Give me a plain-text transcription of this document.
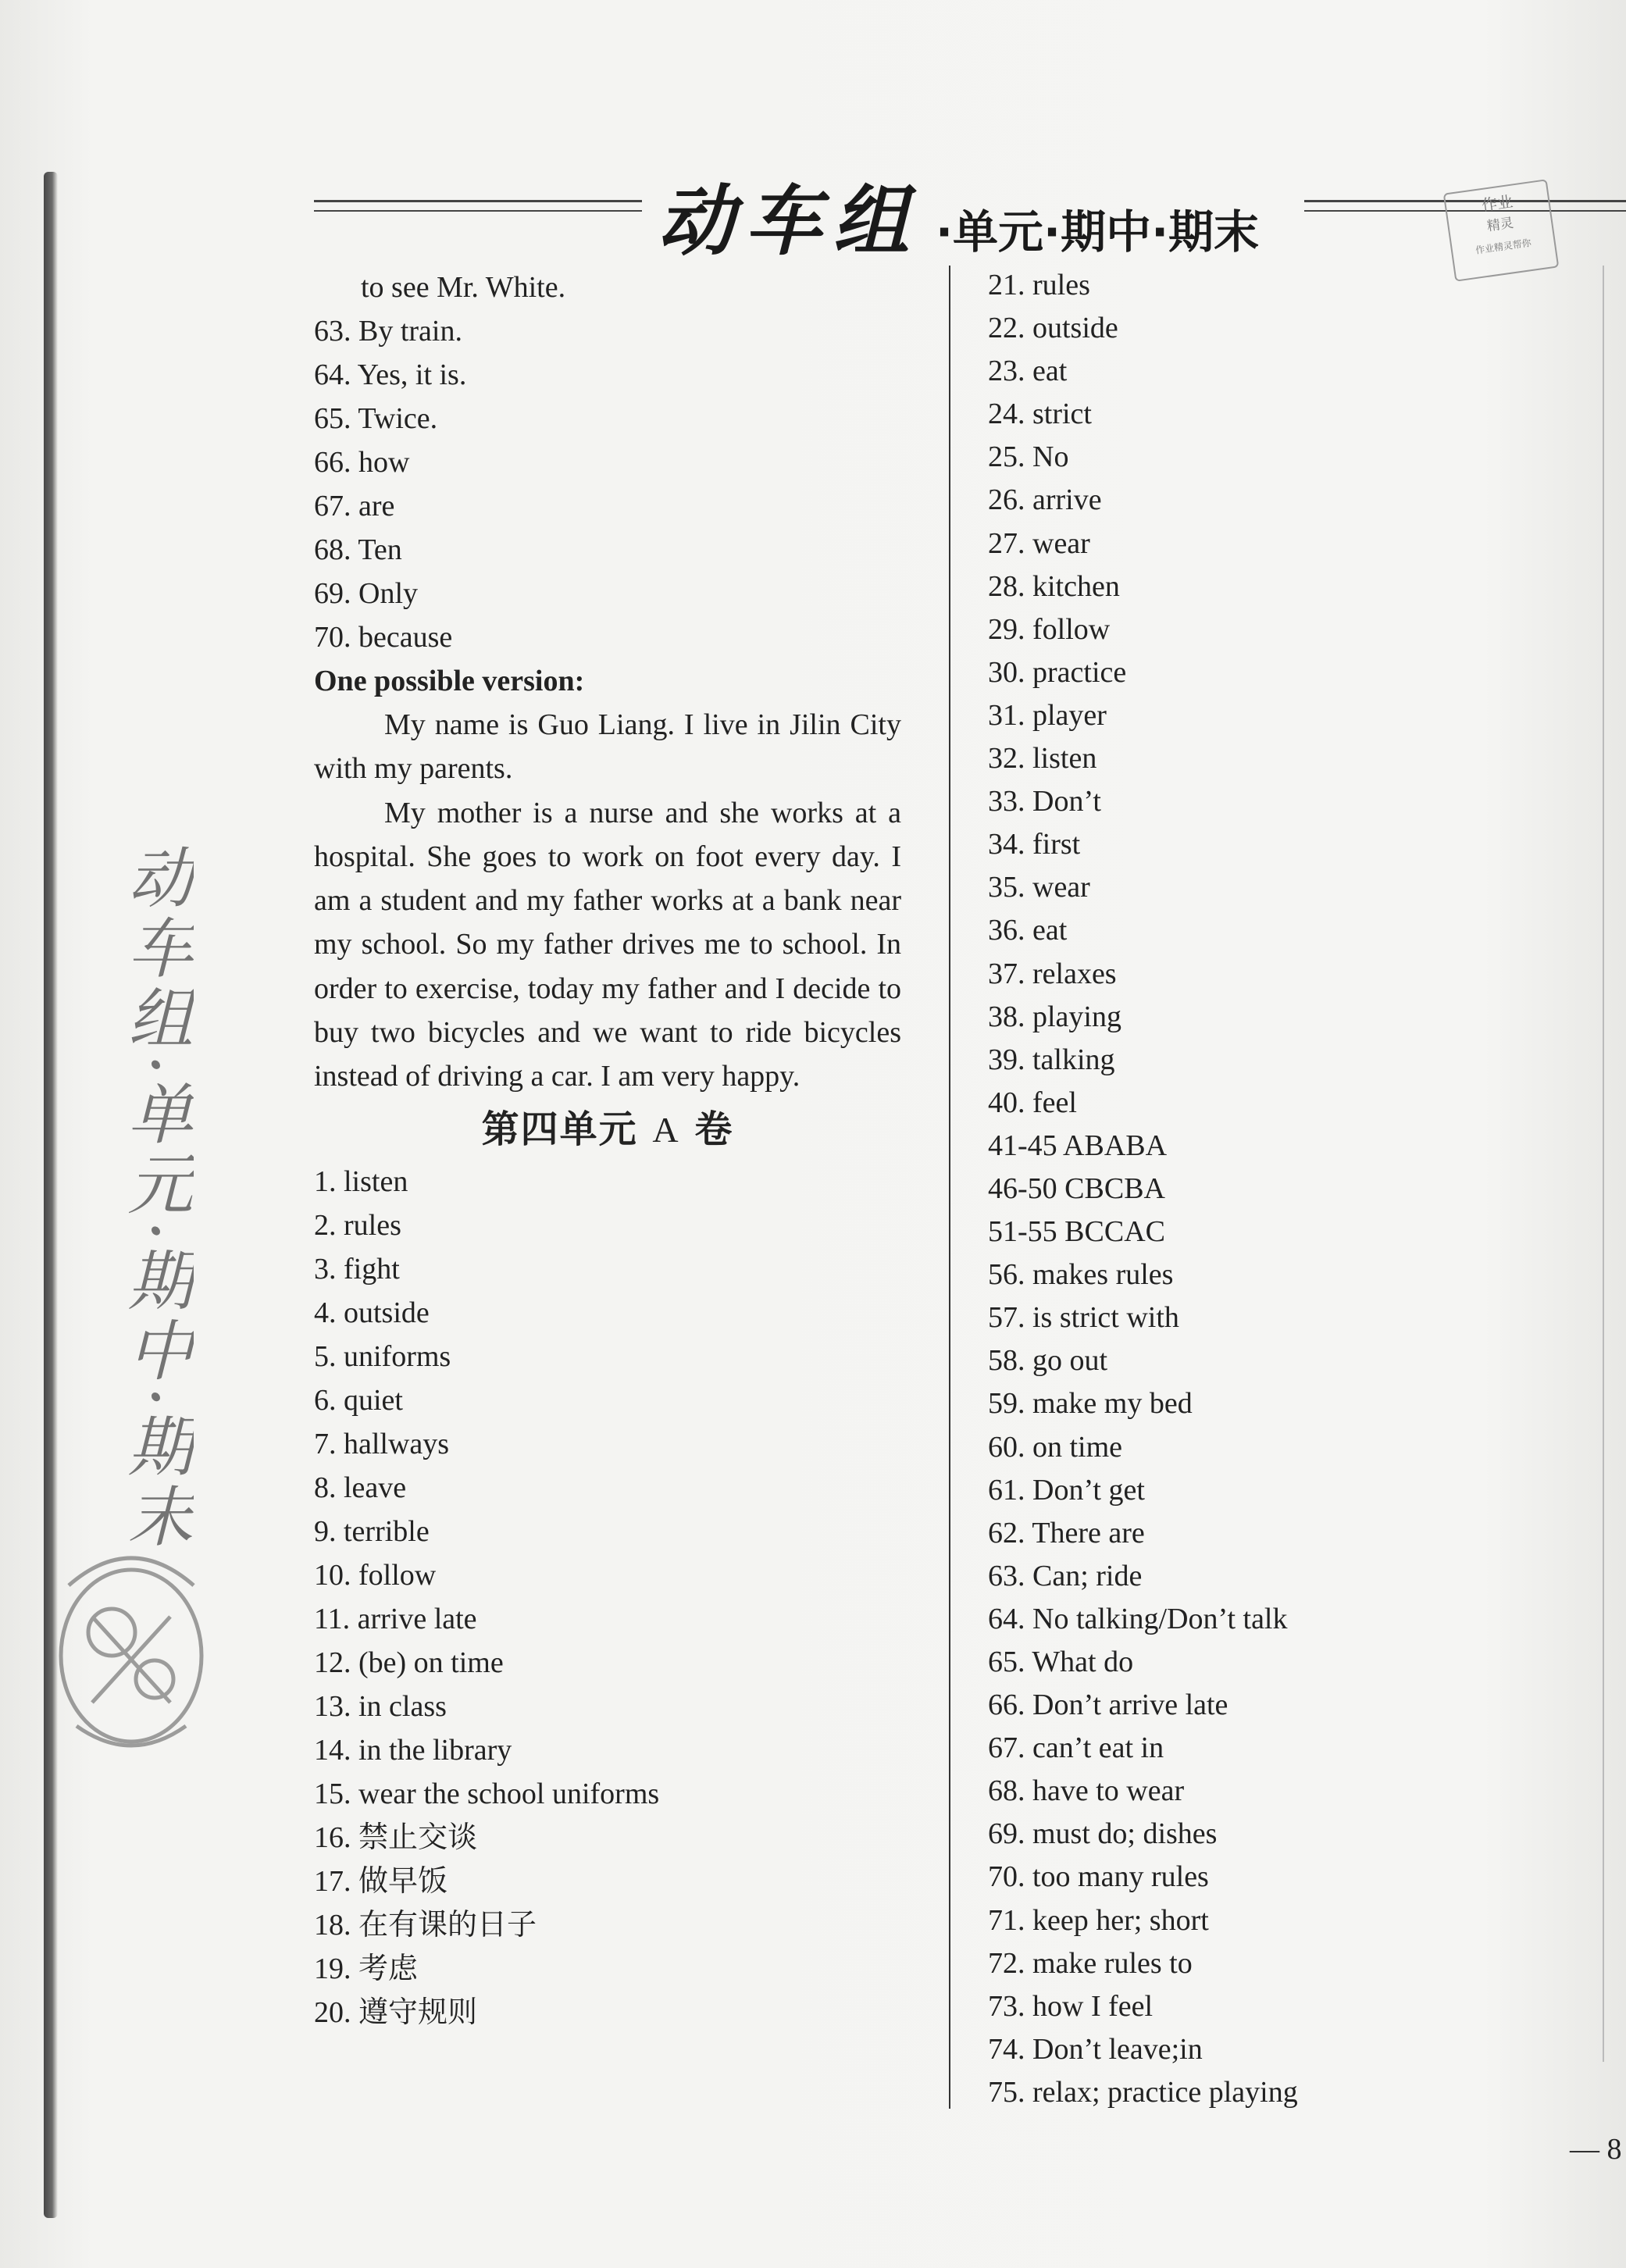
动车组 ·单元·期中·期末
作业
精灵
作业精灵帮你
动车组·单元·期中·期末
to see Mr. White.
63. By train.
64. Yes, it is.
65. Twice.
66. how
67. are
68. Ten
69. Only
70. because
One possible version:

My name is Guo Liang. I live in Jilin City with my parents.

My mother is a nurse and she works at a hospital. She goes to work on foot every day. I am a student and my father works at a bank near my school. So my father drives me to school. In order to exercise, today my father and I decide to buy two bicycles and we want to ride bicycles instead of driving a car. I am very happy.

第四单元 A 卷
1. listen
2. rules
3. fight
4. outside
5. uniforms
6. quiet
7. hallways
8. leave
9. terrible
10. follow
11. arrive late
12. (be) on time
13. in class
14. in the library
15. wear the school uniforms
16. 禁止交谈
17. 做早饭
18. 在有课的日子
19. 考虑
20. 遵守规则
21. rules
22. outside
23. eat
24. strict
25. No
26. arrive
27. wear
28. kitchen
29. follow
30. practice
31. player
32. listen
33. Don’t
34. first
35. wear
36. eat
37. relaxes
38. playing
39. talking
40. feel
41-45 ABABA
46-50 CBCBA
51-55 BCCAC
56. makes rules
57. is strict with
58. go out
59. make my bed
60. on time
61. Don’t get
62. There are
63. Can; ride
64. No talking/Don’t talk
65. What do
66. Don’t arrive late
67. can’t eat in
68. have to wear
69. must do; dishes
70. too many rules
71. keep her; short
72. make rules to
73. how I feel
74. Don’t leave;in
75. relax; practice playing
— 8
